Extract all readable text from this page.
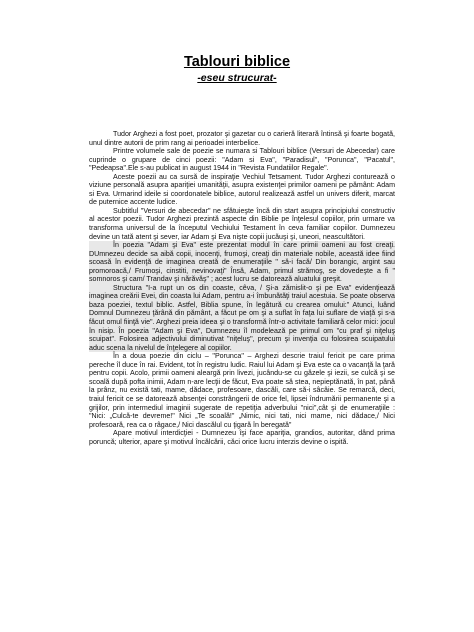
Tablouri biblice
-eseu strucurat-

Tudor Arghezi a fost poet, prozator şi gazetar cu o carieră literară întinsă şi foarte bogată, unul dintre autorii de prim rang ai perioadei interbelice.

Printre volumele sale de poezie se numara si Tablouri biblice (Versuri de Abecedar) care cuprinde o grupare de cinci poezii: "Adam si Eva", "Paradisul", "Porunca", "Pacatul", "Pedeapsa".Ele s-au publicat in august 1944 in "Revista Fundatiilor Regale".

Aceste poezii au ca sursă de inspiraţie Vechiul Tetsament. Tudor Arghezi conturează o viziune personală asupra apariţiei umanităţii, asupra existenţei primilor oameni pe pământ: Adam si Eva. Urmarind ideile si coordonatele biblice, autorul realizează astfel un univers diferit, marcat de puternice accente ludice.

Subtitlul "Versuri de abecedar" ne sfătuieşte încă din start asupra principiului constructiv al acestor poezii. Tudor Arghezi prezintă aspecte din Biblie pe înţelesul copiilor, prin urmare va transforma universul de la începutul Vechiului Testament în ceva familiar copiilor. Dumnezeu devine un tată atent şi sever, iar Adam şi Eva nişte copii jucăuşi şi, uneori, neascultători.

În poezia "Adam şi Eva" este prezentat modul în care primii oameni au fost creaţi. DUmnezeu decide sa aibă copii, inocenţi, frumoşi, creaţi din materiale nobile, această idee fiind scoasă în evidenţă de imaginea creată de enumeraţiile " să-i facă/ Din borangic, argint sau promoroacă,/ Frumoşi, cinstiti, nevinovaţi" Însă, Adam, primul strămoş, se dovedeşte a fi " somnoros şi cam/ Trandav şi nărăvăş" ; acest lucru se datorează aluatului greşit.

Structura "I-a rupt un os din coaste, cêva, / Şi-a zămislit-o şi pe Eva" evidenţiează imaginea creării Evei, din coasta lui Adam, pentru a-i îmbunătăţi traiul acestuia. Se poate observa baza poeziei, textul biblic. Astfel, Biblia spune, în legătură cu crearea omului:" Atunci, luând Domnul Dumnezeu ţărână din pământ, a făcut pe om şi a suflat în faţa lui suflare de viaţă şi s-a făcut omul fiinţă vie". Arghezi preia ideea şi o transformă într-o activitate familiară celor mici: jocul în nisip. În poezia "Adam şi Eva", Dumnezeu îl modelează pe primul om "cu praf şi niţeluş scuipat". Folosirea adjectivului diminutivat "niţeluş", precum şi invenţia cu folosirea scuipatului aduc scena la nivelul de înţelegere al copiilor.

În a doua poezie din ciclu – "Porunca" – Arghezi descrie traiul fericit pe care prima pereche îl duce în rai. Evident, tot în registru ludic. Raiul lui Adam şi Eva este ca o vacanţă la ţară pentru copii. Acolo, primii oameni aleargă prin livezi, jucându-se cu găzele şi iezii, se culcă şi se scoală după pofta inimii, Adam n-are lecţii de făcut, Eva poate să stea, nepieptănată, în pat, până la prânz, nu există tati, mame, dădace, profesoare, dascăli, care să-i sâcâie. Se remarcă, deci, traiul fericit ce se datorează absenţei constrângerii de orice fel, lipsei îndrumării permanente şi a grijilor, prin intermediul imaginii sugerate de repetiţia adverbului "nici",cât şi de enumeraţiile : "Nici: „Culcă-te devreme!" Nici „Te scoală!" „Nimic, nici tati, nici mame, nici dădace,/ Nici profesoară, rea ca o râgace,/ Nici dascălul cu ţigară în beregată"

Apare motivul interdicţiei - Dumnezeu îşi face apariţia, grandios, autoritar, dând prima poruncă; ulterior, apare şi motivul încălcării, căci orice lucru interzis devine o ispită.
